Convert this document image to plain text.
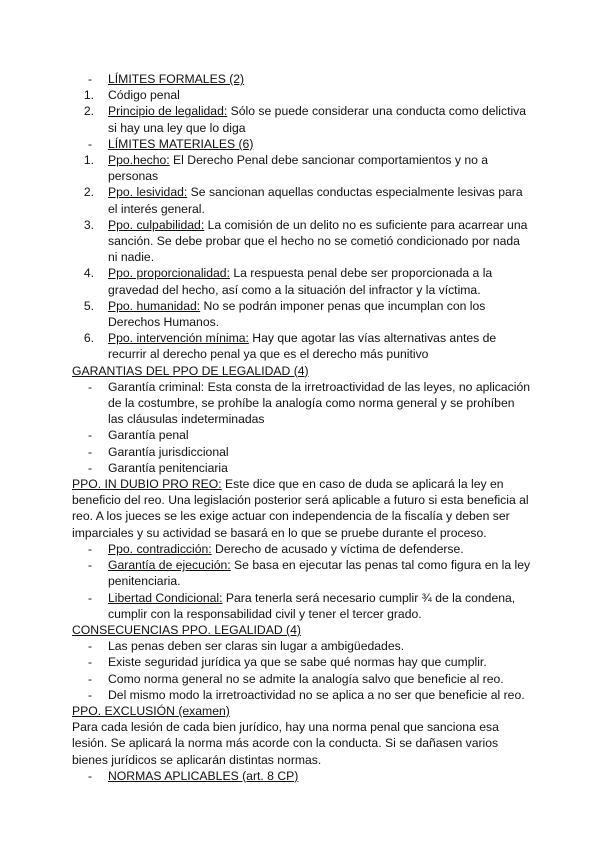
-	LÍMITES FORMALES (2)
1.	Código penal
2.	Principio de legalidad: Sólo se puede considerar una conducta como delictiva si hay una ley que lo diga
-	LÍMITES MATERIALES (6)
1.	Ppo.hecho: El Derecho Penal debe sancionar comportamientos y no a personas
2.	Ppo. lesividad: Se sancionan aquellas conductas especialmente lesivas para el interés general.
3.	Ppo. culpabilidad: La comisión de un delito no es suficiente para acarrear una sanción. Se debe probar que el hecho no se cometió condicionado por nada ni nadie.
4.	Ppo. proporcionalidad: La respuesta penal debe ser proporcionada a la gravedad del hecho, así como a la situación del infractor y la víctima.
5.	Ppo. humanidad: No se podrán imponer penas que incumplan con los Derechos Humanos.
6.	Ppo. intervención mínima: Hay que agotar las vías alternativas antes de recurrir al derecho penal ya que es el derecho más punitivo
GARANTIAS DEL PPO DE LEGALIDAD (4)
-	Garantía criminal: Esta consta de la irretroactividad de las leyes, no aplicación de la costumbre, se prohíbe la analogía como norma general y se prohíben las cláusulas indeterminadas
-	Garantía penal
-	Garantía jurisdiccional
-	Garantía penitenciaria
PPO. IN DUBIO PRO REO: Este dice que en caso de duda se aplicará la ley en beneficio del reo. Una legislación posterior será aplicable a futuro si esta beneficia al reo. A los jueces se les exige actuar con independencia de la fiscalía y deben ser imparciales y su actividad se basará en lo que se pruebe durante el proceso.
-	Ppo. contradicción: Derecho de acusado y víctima de defenderse.
-	Garantía de ejecución: Se basa en ejecutar las penas tal como figura en la ley penitenciaria.
-	Libertad Condicional: Para tenerla será necesario cumplir ¾ de la condena, cumplir con la responsabilidad civil y tener el tercer grado.
CONSECUENCIAS PPO. LEGALIDAD (4)
-	Las penas deben ser claras sin lugar a ambigüedades.
-	Existe seguridad jurídica ya que se sabe qué normas hay que cumplir.
-	Como norma general no se admite la analogía salvo que beneficie al reo.
-	Del mismo modo la irretroactividad no se aplica a no ser que beneficie al reo.
PPO. EXCLUSIÓN (examen)
Para cada lesión de cada bien jurídico, hay una norma penal que sanciona esa lesión. Se aplicará la norma más acorde con la conducta. Si se dañasen varios bienes jurídicos se aplicarán distintas normas.
-	NORMAS APLICABLES (art. 8 CP)
